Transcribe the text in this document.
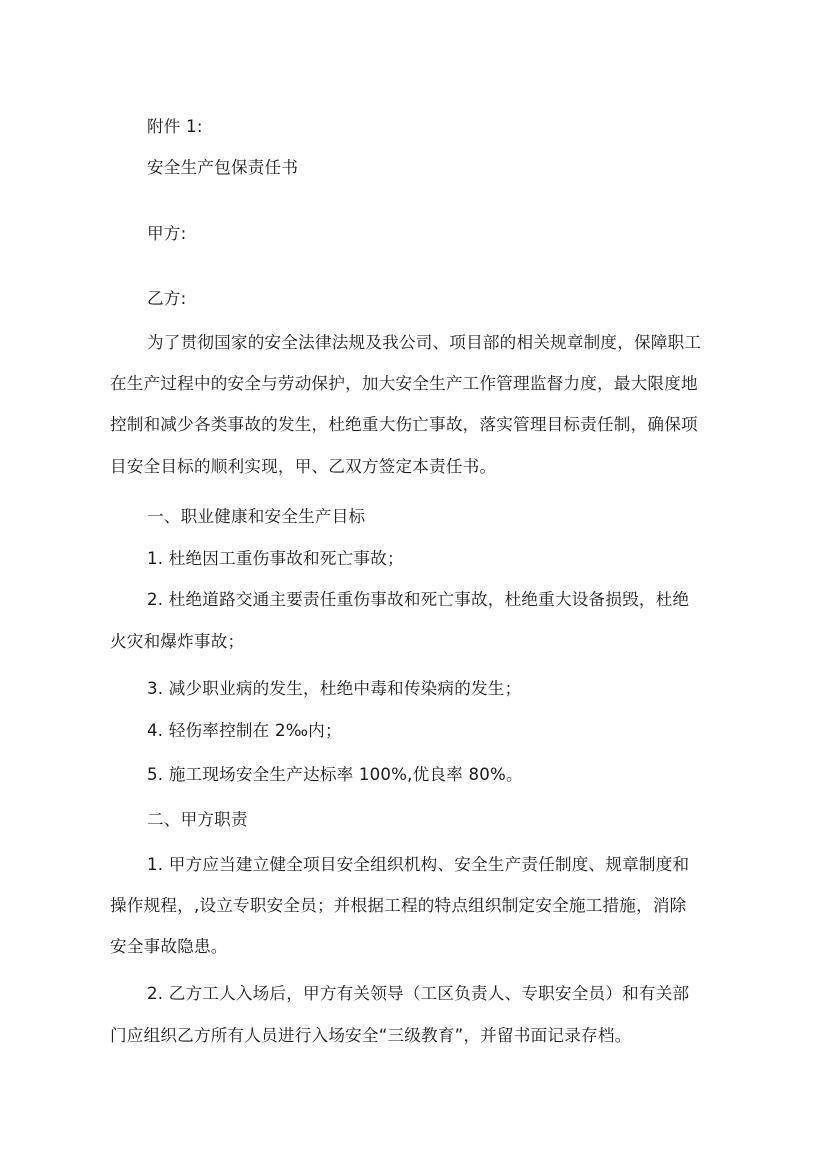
附件 1:
安全生产包保责任书
甲方:
乙方:
为了贯彻国家的安全法律法规及我公司、项目部的相关规章制度，保障职工
在生产过程中的安全与劳动保护，加大安全生产工作管理监督力度，最大限度地
控制和减少各类事故的发生，杜绝重大伤亡事故，落实管理目标责任制，确保项
目安全目标的顺利实现，甲、乙双方签定本责任书。
一、职业健康和安全生产目标
1. 杜绝因工重伤事故和死亡事故；
2. 杜绝道路交通主要责任重伤事故和死亡事故，杜绝重大设备损毁，杜绝
火灾和爆炸事故；
3. 减少职业病的发生，杜绝中毒和传染病的发生；
4. 轻伤率控制在 2‰内；
5. 施工现场安全生产达标率 100%,优良率 80%。
二、甲方职责
1. 甲方应当建立健全项目安全组织机构、安全生产责任制度、规章制度和
操作规程，,设立专职安全员；并根据工程的特点组织制定安全施工措施，消除
安全事故隐患。
2. 乙方工人入场后，甲方有关领导（工区负责人、专职安全员）和有关部
门应组织乙方所有人员进行入场安全“三级教育”，并留书面记录存档。
